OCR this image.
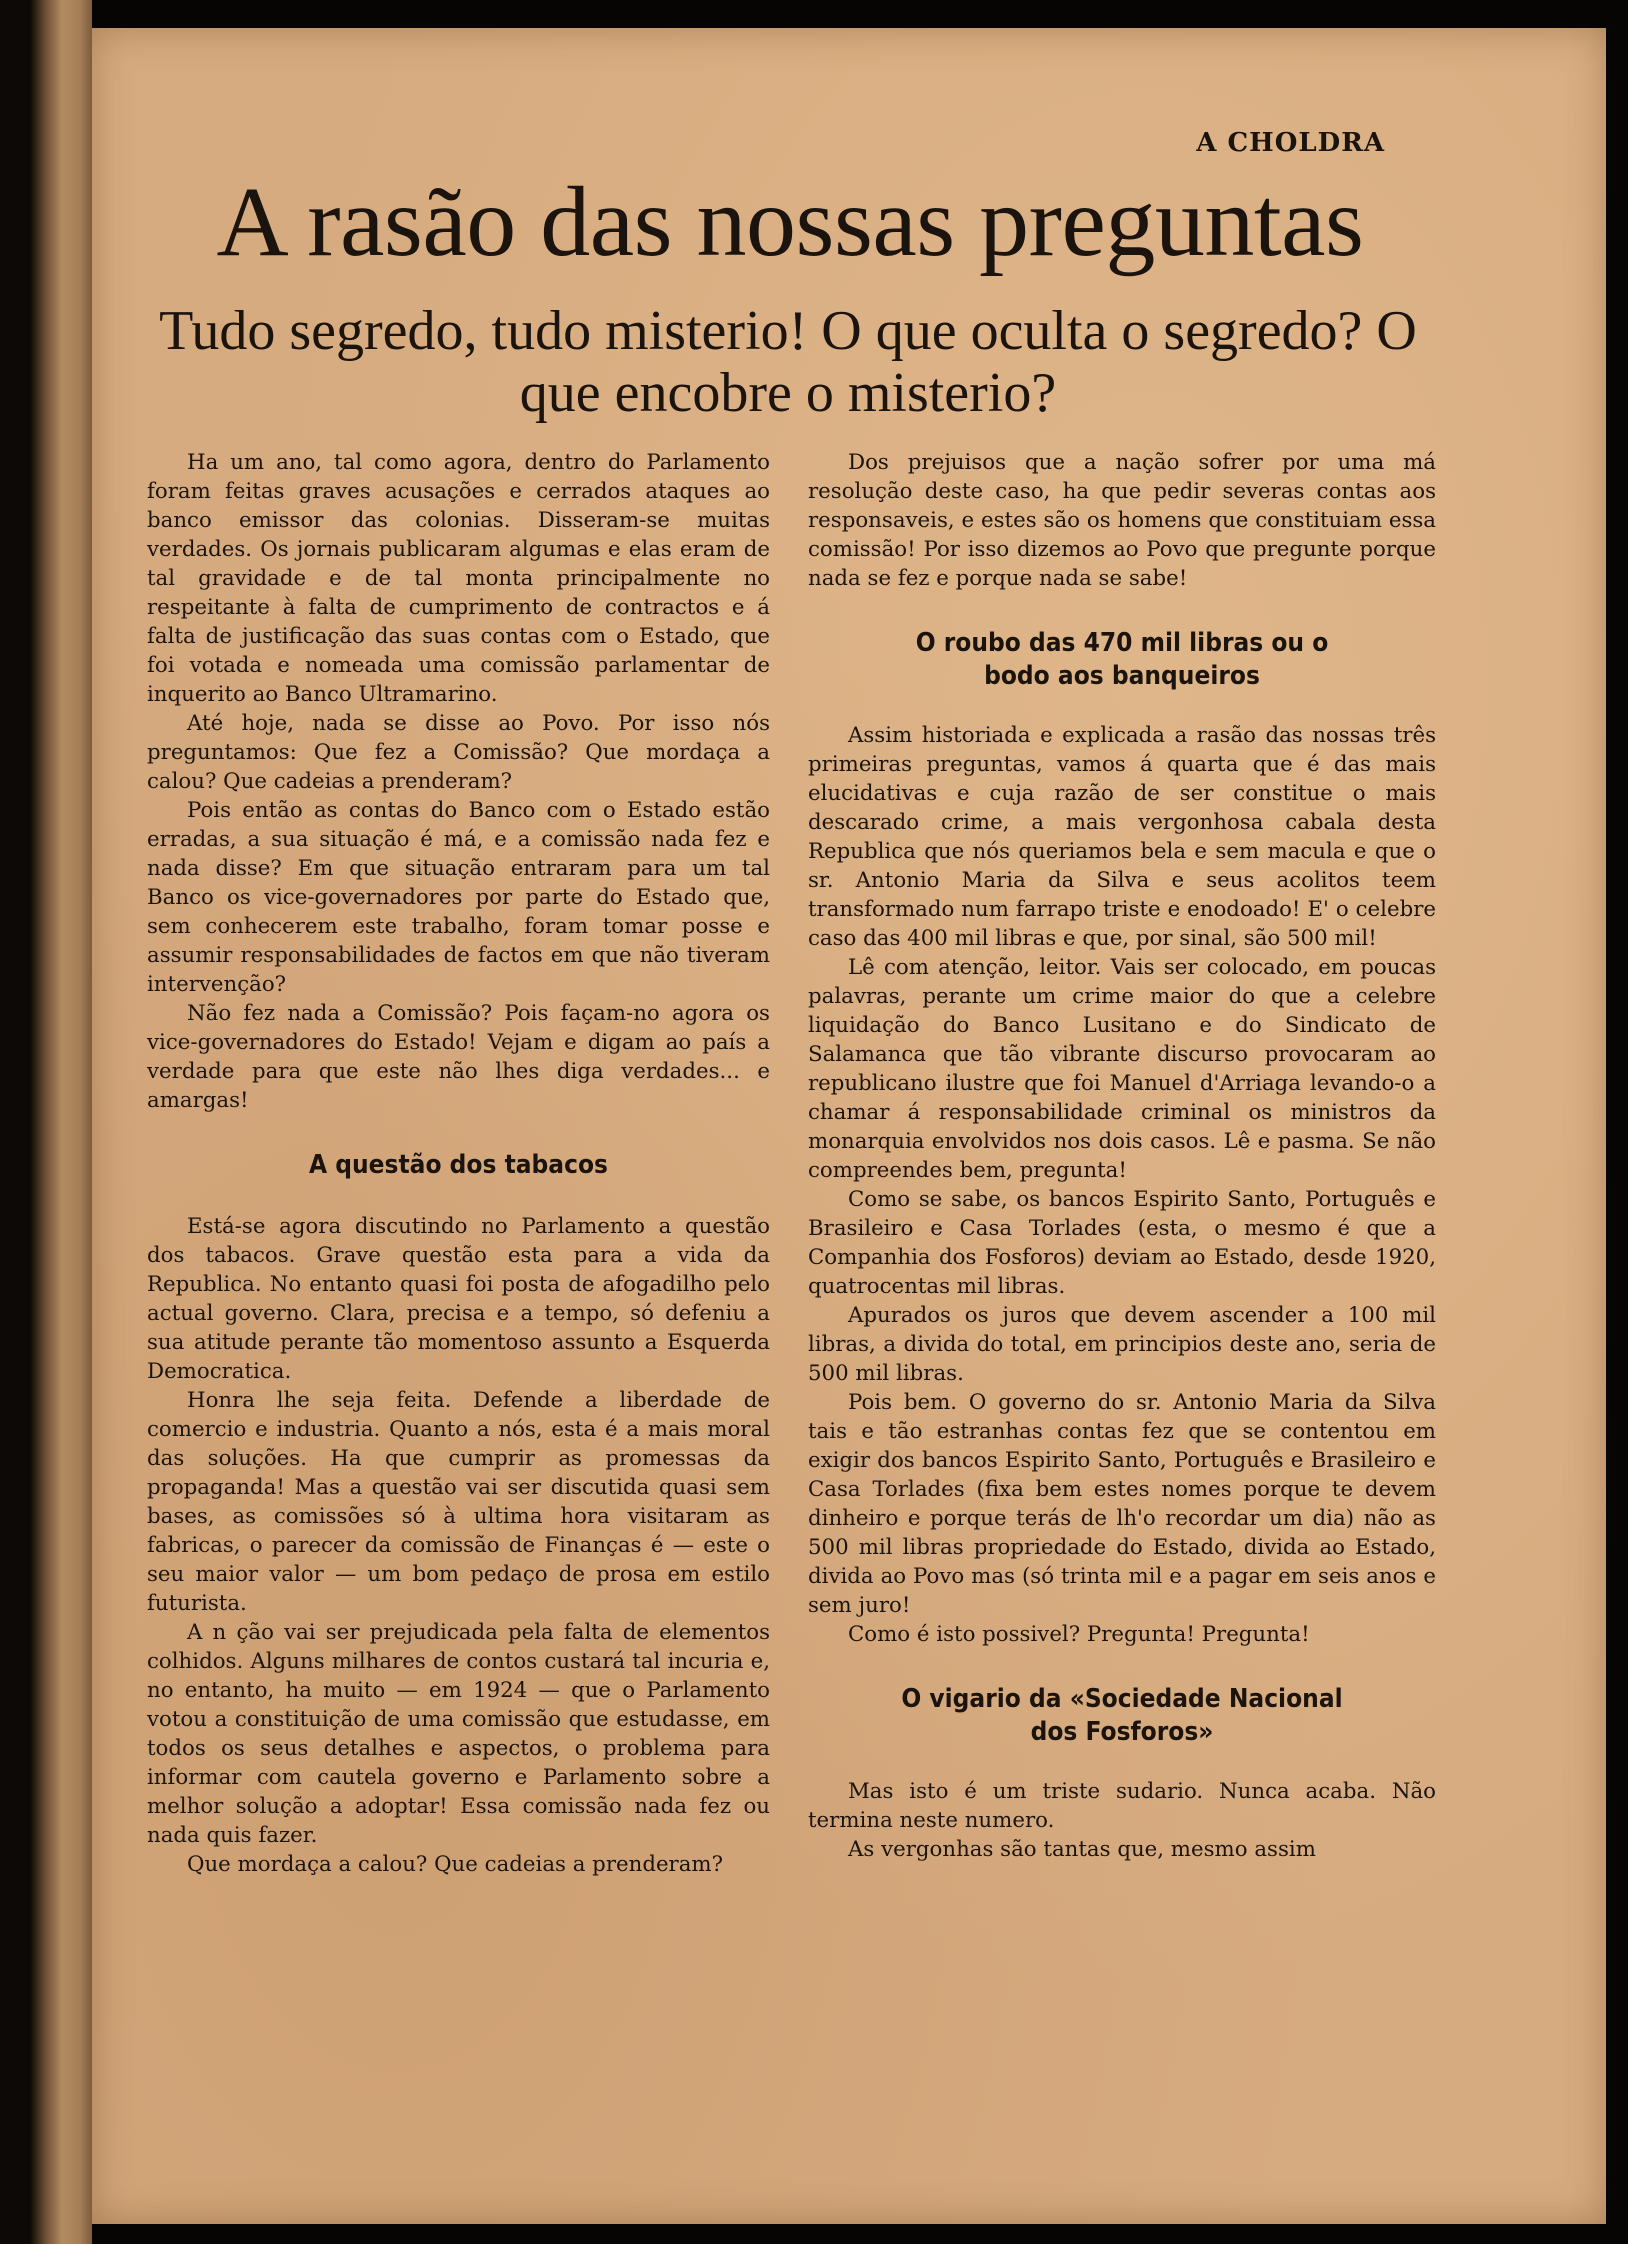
A CHOLDRA
A rasão das nossas preguntas
Tudo segredo, tudo misterio! O que oculta o segredo? O que encobre o misterio?

Ha um ano, tal como agora, dentro do Parlamento foram feitas graves acusações e cerrados ataques ao banco emissor das colonias. Disseram-se muitas verdades. Os jornais publicaram algumas e elas eram de tal gravidade e de tal monta principalmente no respeitante à falta de cumprimento de contractos e á falta de justificação das suas contas com o Estado, que foi votada e nomeada uma comissão parlamentar de inquerito ao Banco Ultramarino.

Até hoje, nada se disse ao Povo. Por isso nós preguntamos: Que fez a Comissão? Que mordaça a calou? Que cadeias a prenderam?

Pois então as contas do Banco com o Estado estão erradas, a sua situação é má, e a comissão nada fez e nada disse? Em que situação entraram para um tal Banco os vice-governadores por parte do Estado que, sem conhecerem este trabalho, foram tomar posse e assumir responsabilidades de factos em que não tiveram intervenção?

Não fez nada a Comissão? Pois façam-no agora os vice-governadores do Estado! Vejam e digam ao país a verdade para que este não lhes diga verdades... e amargas!

A questão dos tabacos

Está-se agora discutindo no Parlamento a questão dos tabacos. Grave questão esta para a vida da Republica. No entanto quasi foi posta de afogadilho pelo actual governo. Clara, precisa e a tempo, só defeniu a sua atitude perante tão momentoso assunto a Esquerda Democratica.

Honra lhe seja feita. Defende a liberdade de comercio e industria. Quanto a nós, esta é a mais moral das soluções. Ha que cumprir as promessas da propaganda! Mas a questão vai ser discutida quasi sem bases, as comissões só à ultima hora visitaram as fabricas, o parecer da comissão de Finanças é — este o seu maior valor — um bom pedaço de prosa em estilo futurista.

A n ção vai ser prejudicada pela falta de elementos colhidos. Alguns milhares de contos custará tal incuria e, no entanto, ha muito — em 1924 — que o Parlamento votou a constituição de uma comissão que estudasse, em todos os seus detalhes e aspectos, o problema para informar com cautela governo e Parlamento sobre a melhor solução a adoptar! Essa comissão nada fez ou nada quis fazer.

Que mordaça a calou? Que cadeias a prenderam?

Dos prejuisos que a nação sofrer por uma má resolução deste caso, ha que pedir severas contas aos responsaveis, e estes são os homens que constituiam essa comissão! Por isso dizemos ao Povo que pregunte porque nada se fez e porque nada se sabe!

O roubo das 470 mil libras ou o bodo aos banqueiros

Assim historiada e explicada a rasão das nossas três primeiras preguntas, vamos á quarta que é das mais elucidativas e cuja razão de ser constitue o mais descarado crime, a mais vergonhosa cabala desta Republica que nós queriamos bela e sem macula e que o sr. Antonio Maria da Silva e seus acolitos teem transformado num farrapo triste e enodoado! E' o celebre caso das 400 mil libras e que, por sinal, são 500 mil!

Lê com atenção, leitor. Vais ser colocado, em poucas palavras, perante um crime maior do que a celebre liquidação do Banco Lusitano e do Sindicato de Salamanca que tão vibrante discurso provocaram ao republicano ilustre que foi Manuel d'Arriaga levando-o a chamar á responsabilidade criminal os ministros da monarquia envolvidos nos dois casos. Lê e pasma. Se não compreendes bem, pregunta!

Como se sabe, os bancos Espirito Santo, Português e Brasileiro e Casa Torlades (esta, o mesmo é que a Companhia dos Fosforos) deviam ao Estado, desde 1920, quatrocentas mil libras.

Apurados os juros que devem ascender a 100 mil libras, a divida do total, em principios deste ano, seria de 500 mil libras.

Pois bem. O governo do sr. Antonio Maria da Silva tais e tão estranhas contas fez que se contentou em exigir dos bancos Espirito Santo, Português e Brasileiro e Casa Torlades (fixa bem estes nomes porque te devem dinheiro e porque terás de lh'o recordar um dia) não as 500 mil libras propriedade do Estado, divida ao Estado, divida ao Povo mas (só trinta mil e a pagar em seis anos e sem juro!

Como é isto possivel? Pregunta! Pregunta!

O vigario da «Sociedade Nacional dos Fosforos»

Mas isto é um triste sudario. Nunca acaba. Não termina neste numero.

As vergonhas são tantas que, mesmo assim
